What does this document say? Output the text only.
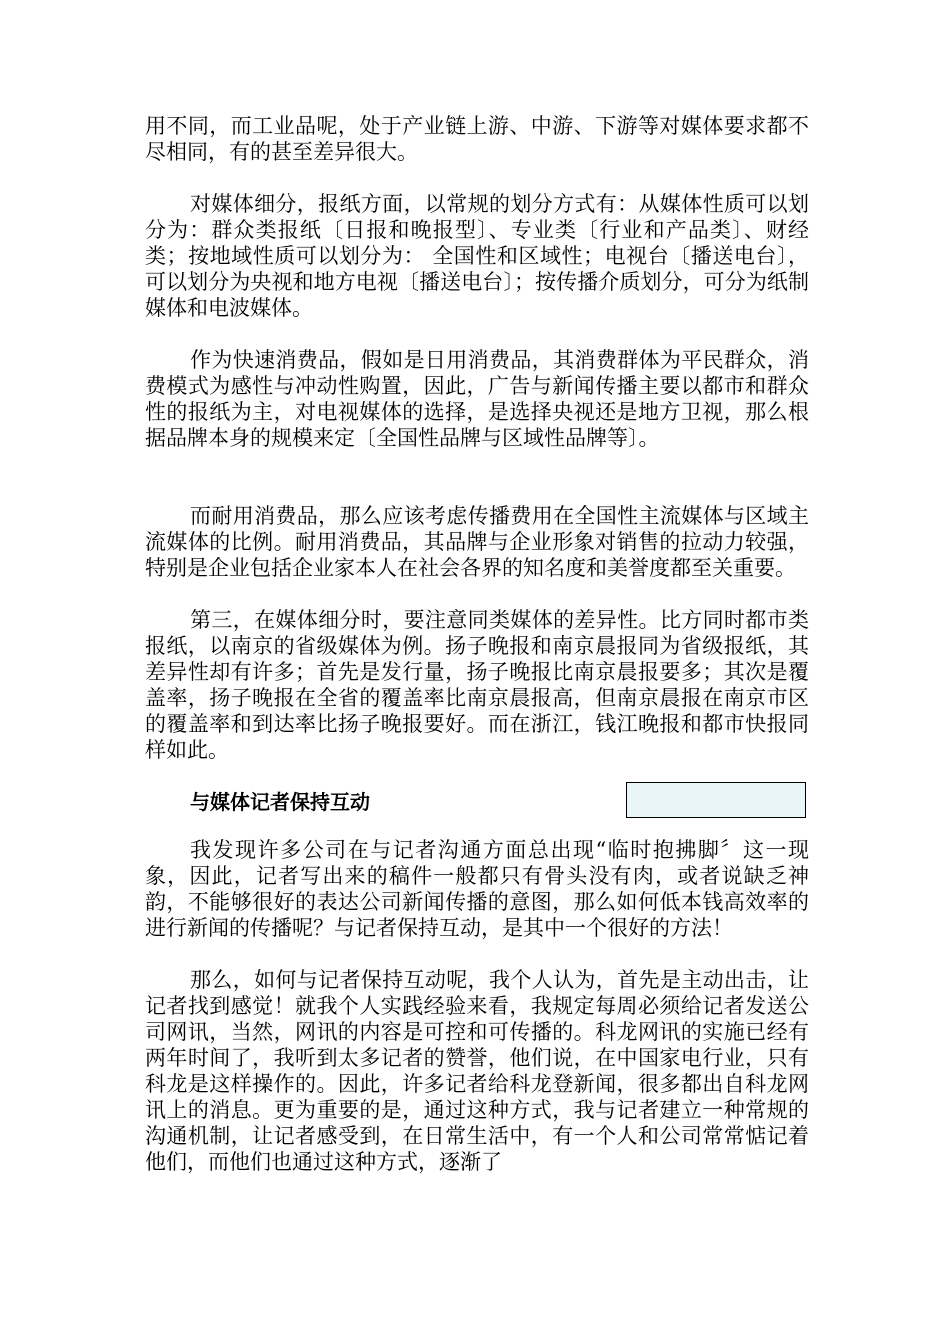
用不同，而工业品呢，处于产业链上游、中游、下游等对媒体要求都不尽相同，有的甚至差异很大。

对媒体细分，报纸方面，以常规的划分方式有：从媒体性质可以划分为：群众类报纸〔日报和晚报型〕、专业类〔行业和产品类〕、财经类；按地域性质可以划分为： 全国性和区域性；电视台〔播送电台〕，可以划分为央视和地方电视〔播送电台〕；按传播介质划分，可分为纸制媒体和电波媒体。

作为快速消费品，假如是日用消费品，其消费群体为平民群众，消费模式为感性与冲动性购置，因此，广告与新闻传播主要以都市和群众性的报纸为主，对电视媒体的选择，是选择央视还是地方卫视，那么根据品牌本身的规模来定〔全国性品牌与区域性品牌等〕。

而耐用消费品，那么应该考虑传播费用在全国性主流媒体与区域主流媒体的比例。耐用消费品，其品牌与企业形象对销售的拉动力较强，特别是企业包括企业家本人在社会各界的知名度和美誉度都至关重要。

第三，在媒体细分时，要注意同类媒体的差异性。比方同时都市类报纸，以南京的省级媒体为例。扬子晚报和南京晨报同为省级报纸，其差异性却有许多；首先是发行量，扬子晚报比南京晨报要多；其次是覆盖率，扬子晚报在全省的覆盖率比南京晨报高，但南京晨报在南京市区的覆盖率和到达率比扬子晚报要好。而在浙江，钱江晚报和都市快报同样如此。

与媒体记者保持互动

我发现许多公司在与记者沟通方面总出现“临时抱拂脚〞这一现象，因此，记者写出来的稿件一般都只有骨头没有肉，或者说缺乏神韵，不能够很好的表达公司新闻传播的意图，那么如何低本钱高效率的进行新闻的传播呢？与记者保持互动，是其中一个很好的方法！

那么，如何与记者保持互动呢，我个人认为，首先是主动出击，让记者找到感觉！就我个人实践经验来看，我规定每周必须给记者发送公司网讯，当然，网讯的内容是可控和可传播的。科龙网讯的实施已经有两年时间了，我听到太多记者的赞誉，他们说，在中国家电行业，只有科龙是这样操作的。因此，许多记者给科龙登新闻，很多都出自科龙网讯上的消息。更为重要的是，通过这种方式，我与记者建立一种常规的沟通机制，让记者感受到，在日常生活中，有一个人和公司常常惦记着他们，而他们也通过这种方式，逐渐了
